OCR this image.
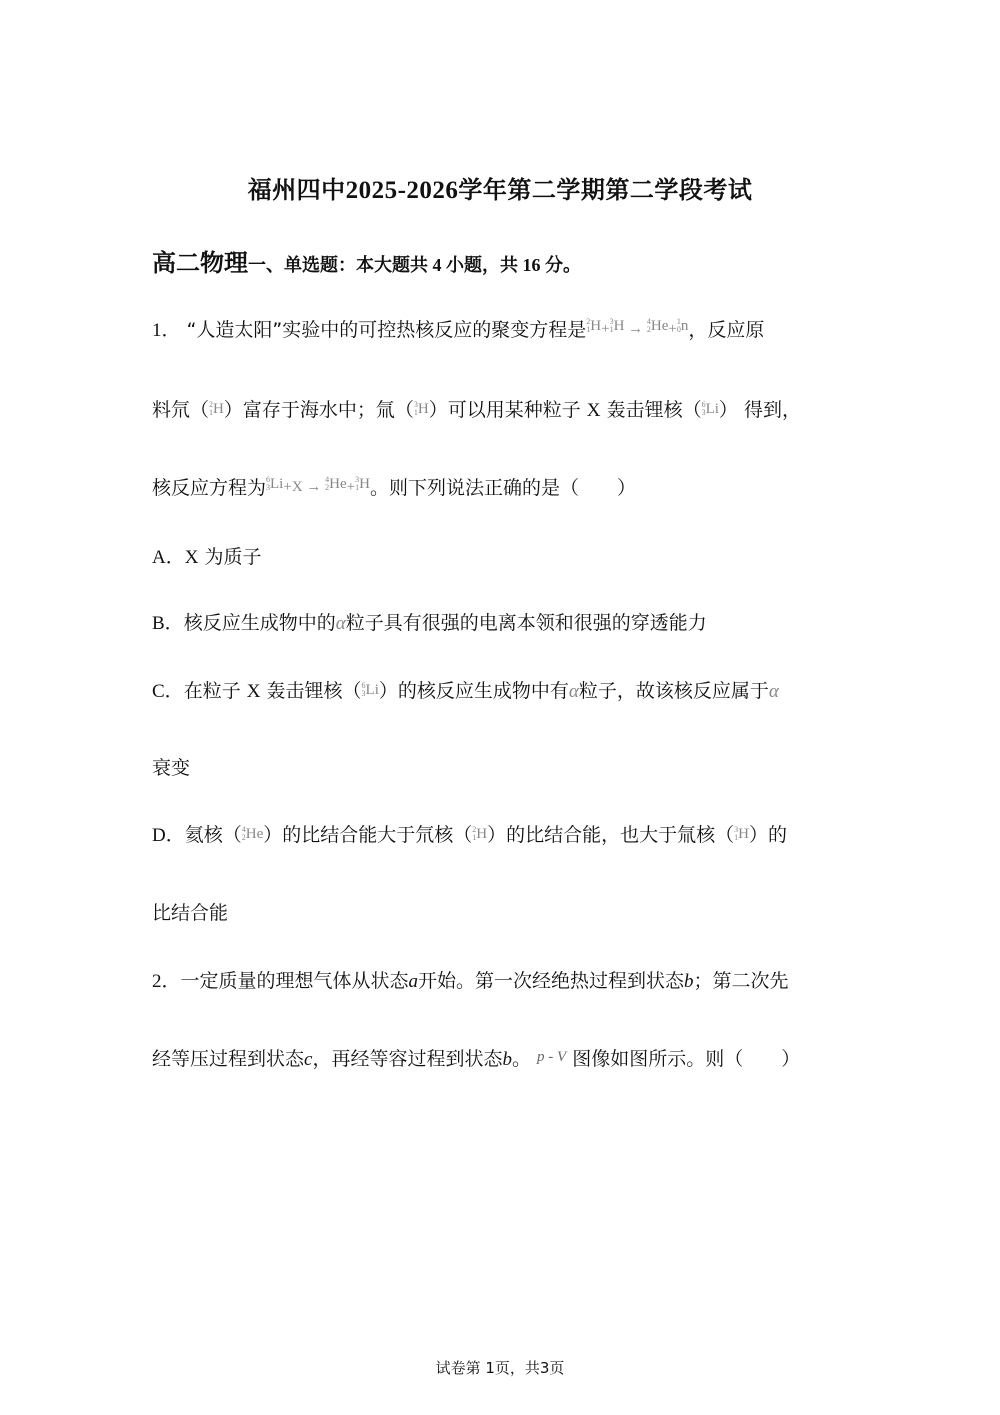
福州四中2025-2026学年第二学期第二学段考试
高二物理一、单选题：本大题共 4 小题，共 16 分。
1． “人造太阳”实验中的可控热核反应的聚变方程是 2
1 H+ 3
1 H → 4
2 He+ 1
0 n，反应原
料氘（ 2
1 H）富存于海水中；氚（ 3
1 H）可以用某种粒子 X 轰击锂核（ 6
3 Li） 得到，
核反应方程为 6
3 Li+X → 4
2 He+ 3
1 H。则下列说法正确的是（　　）
A．X 为质子
B．核反应生成物中的α粒子具有很强的电离本领和很强的穿透能力
C．在粒子 X 轰击锂核（ 6
3 Li）的核反应生成物中有α粒子，故该核反应属于α
衰变
D．氦核（ 4
2 He）的比结合能大于氘核（ 2
1 H）的比结合能，也大于氚核（ 3
1 H）的
比结合能
2．一定质量的理想气体从状态a开始。第一次经绝热过程到状态b；第二次先
经等压过程到状态c，再经等容过程到状态b。 $^{p - V}$ 图像如图所示。则（　　）
试卷第 1页，共3页
